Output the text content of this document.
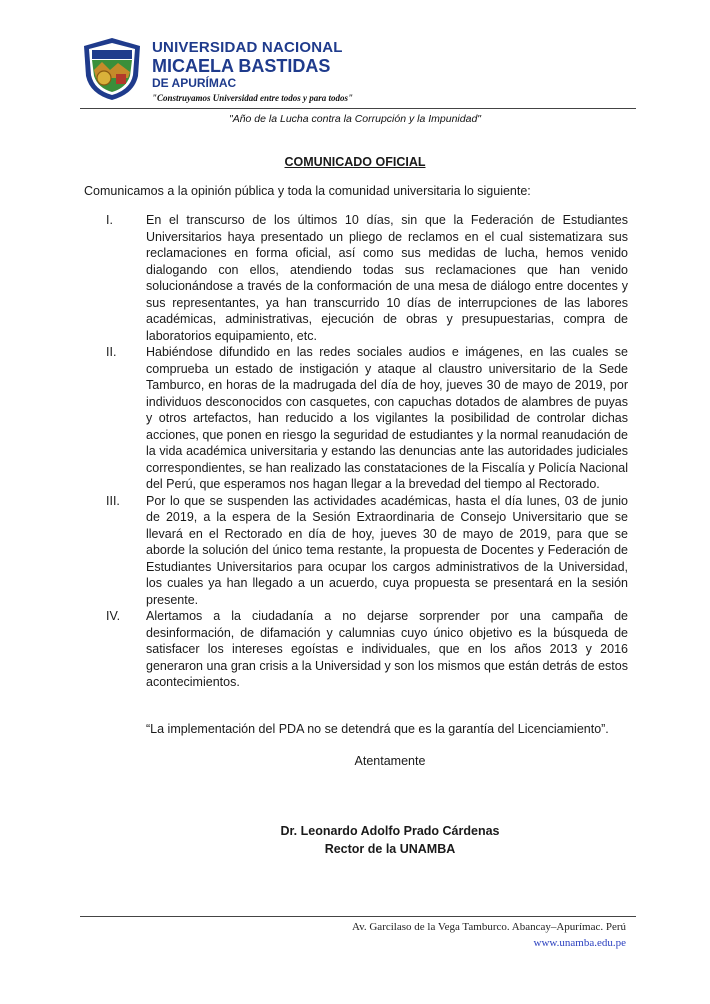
UNIVERSIDAD NACIONAL
MICAELA BASTIDAS
DE APURÍMAC
"Construyamos Universidad entre todos y para todos"
"Año de la Lucha contra la Corrupción y la Impunidad"
COMUNICADO OFICIAL
Comunicamos a la opinión pública y toda la comunidad universitaria lo siguiente:
I.	En el transcurso de los últimos 10 días, sin que la Federación de Estudiantes Universitarios haya presentado un pliego de reclamos en el cual sistematizara sus reclamaciones en forma oficial, así como sus medidas de lucha, hemos venido dialogando con ellos, atendiendo todas sus reclamaciones que han venido solucionándose a través de la conformación de una mesa de diálogo entre docentes y sus representantes, ya han transcurrido 10 días de interrupciones de las labores académicas, administrativas, ejecución de obras y presupuestarias, compra de laboratorios equipamiento, etc.
II.	Habiéndose difundido en las redes sociales audios e imágenes, en las cuales se comprueba un estado de instigación y ataque al claustro universitario de la Sede Tamburco, en horas de la madrugada del día de hoy, jueves 30 de mayo de 2019, por individuos desconocidos con casquetes, con capuchas dotados de alambres de puyas y otros artefactos, han reducido a los vigilantes la posibilidad de controlar dichas acciones, que ponen en riesgo la seguridad de estudiantes y la normal reanudación de la vida académica universitaria y estando las denuncias ante las autoridades judiciales correspondientes, se han realizado las constataciones de la Fiscalía y Policía Nacional del Perú, que esperamos nos hagan llegar a la brevedad del tiempo al Rectorado.
III.	Por lo que se suspenden las actividades académicas, hasta el día lunes, 03 de junio de 2019, a la espera de la Sesión Extraordinaria de Consejo Universitario que se llevará en el Rectorado en día de hoy, jueves 30 de mayo de 2019, para que se aborde la solución del único tema restante, la propuesta de Docentes y Federación de Estudiantes Universitarios para ocupar los cargos administrativos de la Universidad, los cuales ya han llegado a un acuerdo, cuya propuesta se presentará en la sesión presente.
IV.	Alertamos a la ciudadanía a no dejarse sorprender por una campaña de desinformación, de difamación y calumnias cuyo único objetivo es la búsqueda de satisfacer los intereses egoístas e individuales, que en los años 2013 y 2016 generaron una gran crisis a la Universidad y son los mismos que están detrás de estos acontecimientos.
“La implementación del PDA no se detendrá que es la garantía del Licenciamiento”.
Atentamente
Dr. Leonardo Adolfo Prado Cárdenas
Rector de la UNAMBA
Av. Garcilaso de la Vega Tamburco. Abancay–Apurímac. Perú
www.unamba.edu.pe
